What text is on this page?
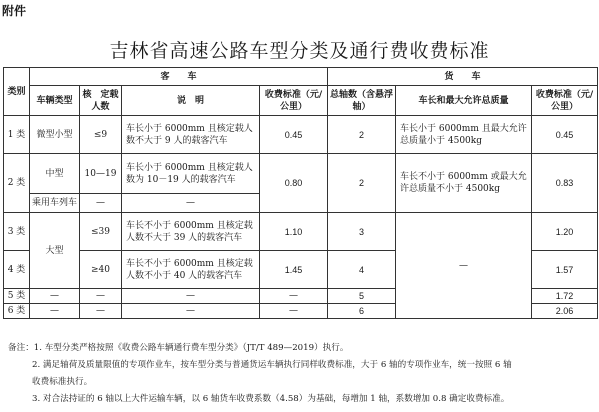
附件
吉林省高速公路车型分类及通行费收费标准
类别	客　　车				货　　车		
	车辆类型	核　定载人数	说　明	收费标准（元/公里）	总轴数（含悬浮轴）	车长和最大允许总质量	收费标准（元/公里）
1 类	微型小型	≤9	车长小于 6000mm 且核定载人数不大于 9 人的载客汽车	0.45	2	车长小于 6000mm 且最大允许总质量小于 4500kg	0.45
2 类	中型	10—19	车长小于 6000mm 且核定载人数为 10－19 人的载客汽车	0.80	2	车长不小于 6000mm 或最大允许总质量不小于 4500kg	0.83
	乘用车列车	—	—				
3 类	大型	≤39	车长不小于 6000mm 且核定载人数不大于 39 人的载客汽车	1.10	3	—	1.20
4 类		≥40	车长不小于 6000mm 且核定载人数不小于 40 人的载客汽车	1.45	4		1.57
5 类	—	—	—	—	5		1.72
6 类	—	—	—	—	6		2.06
备注：1. 车型分类严格按照《收费公路车辆通行费车型分类》（JT/T 489—2019）执行。
2. 满足轴荷及质量限值的专项作业车，按车型分类与普通货运车辆执行同样收费标准，大于 6 轴的专项作业车，统一按照 6 轴
收费标准执行。
3. 对合法持证的 6 轴以上大件运输车辆，以 6 轴货车收费系数（4.58）为基础，每增加 1 轴，系数增加 0.8 确定收费标准。
